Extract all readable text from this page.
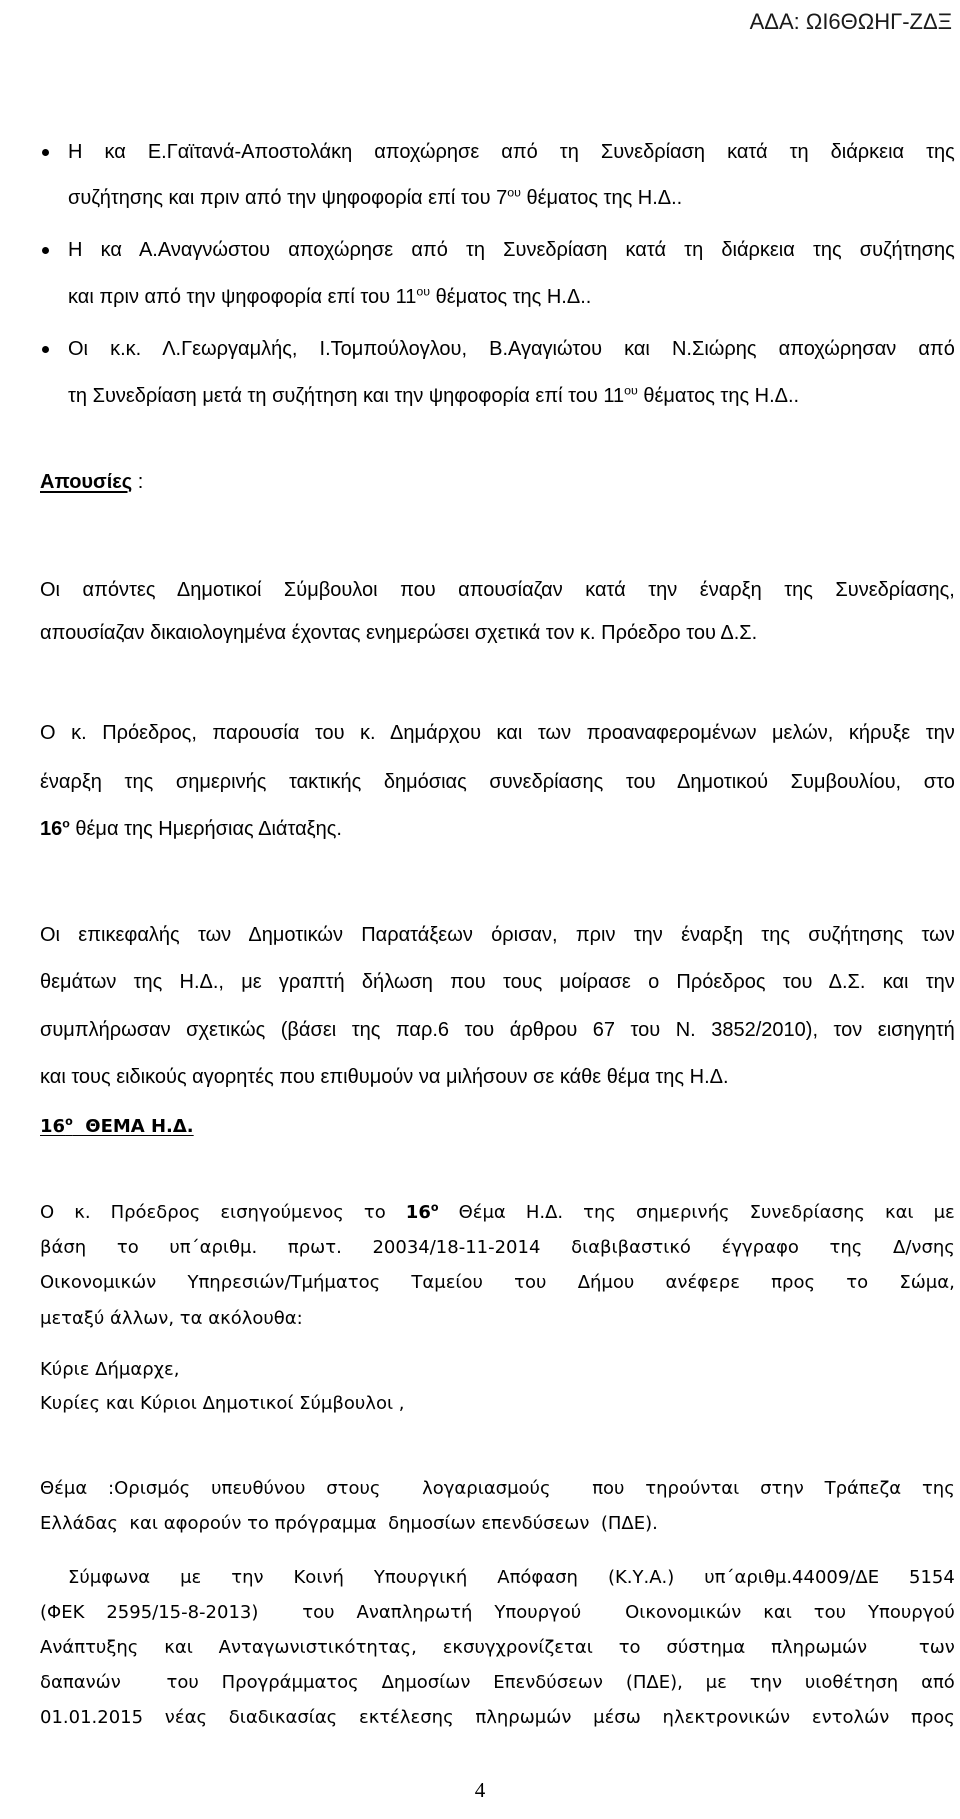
ΑΔΑ: ΩΙ6ΘΩΗΓ-ΖΔΞ
Η κα Ε.Γαϊτανά-Αποστολάκη αποχώρησε από τη Συνεδρίαση κατά τη διάρκεια της
συζήτησης και πριν από την ψηφοφορία επί του $7^{o\upsilon}$ θέματος της Η.Δ..
Η κα Α.Αναγνώστου αποχώρησε από τη Συνεδρίαση κατά τη διάρκεια της συζήτησης
και πριν από την ψηφοφορία επί του $11^{o\upsilon}$ θέματος της Η.Δ..
Οι κ.κ. Λ.Γεωργαμλής, Ι.Τομπούλογλου, Β.Αγαγιώτου και Ν.Σιώρης αποχώρησαν από
τη Συνεδρίαση μετά τη συζήτηση και την ψηφοφορία επί του $11^{o\upsilon}$ θέματος της Η.Δ..
Απουσίες :
Οι απόντες Δημοτικοί Σύμβουλοι που απουσίαζαν κατά την έναρξη της Συνεδρίασης,
απουσίαζαν δικαιολογημένα έχοντας ενημερώσει σχετικά τον κ. Πρόεδρο του Δ.Σ.
Ο κ. Πρόεδρος, παρουσία του κ. Δημάρχου και των προαναφερομένων μελών, κήρυξε την
έναρξη της σημερινής τακτικής δημόσιας συνεδρίασης του Δημοτικού Συμβουλίου, στο
$16^o$ θέμα της Ημερήσιας Διάταξης.
Οι επικεφαλής των Δημοτικών Παρατάξεων όρισαν, πριν την έναρξη της συζήτησης των
θεμάτων της Η.Δ., με γραπτή δήλωση που τους μοίρασε ο Πρόεδρος του Δ.Σ. και την
συμπλήρωσαν σχετικώς (βάσει της παρ.6 του άρθρου 67 του Ν. 3852/2010), τον εισηγητή
και τους ειδικούς αγορητές που επιθυμούν να μιλήσουν σε κάθε θέμα της Η.Δ.
$16^o$  ΘΕΜΑ Η.Δ.
Ο κ. Πρόεδρος εισηγούμενος το $16^o$ Θέμα Η.Δ. της σημερινής Συνεδρίασης και με
βάση το υπ΄αριθμ. πρωτ. 20034/18-11-2014 διαβιβαστικό έγγραφο της Δ/νσης
Οικονομικών Υπηρεσιών/Τμήματος Ταμείου του Δήμου ανέφερε προς το Σώμα,
μεταξύ άλλων, τα ακόλουθα:
Κύριε Δήμαρχε,
Κυρίες και Κύριοι Δημοτικοί Σύμβουλοι ,
Θέμα :Ορισμός υπευθύνου στους  λογαριασμούς  που τηρούνται στην Τράπεζα της
Ελλάδας  και αφορούν το πρόγραμμα  δημοσίων επενδύσεων  (ΠΔΕ).
Σύμφωνα με την Κοινή Υπουργική Απόφαση (Κ.Υ.Α.) υπ΄αριθμ.44009/ΔΕ 5154
(ΦΕΚ 2595/15-8-2013)  του Αναπληρωτή Υπουργού  Οικονομικών και του Υπουργού
Ανάπτυξης και Ανταγωνιστικότητας, εκσυγχρονίζεται το σύστημα πληρωμών  των
δαπανών  του Προγράμματος Δημοσίων Επενδύσεων (ΠΔΕ), με την υιοθέτηση από
01.01.2015 νέας διαδικασίας εκτέλεσης πληρωμών μέσω ηλεκτρονικών εντολών προς
4
